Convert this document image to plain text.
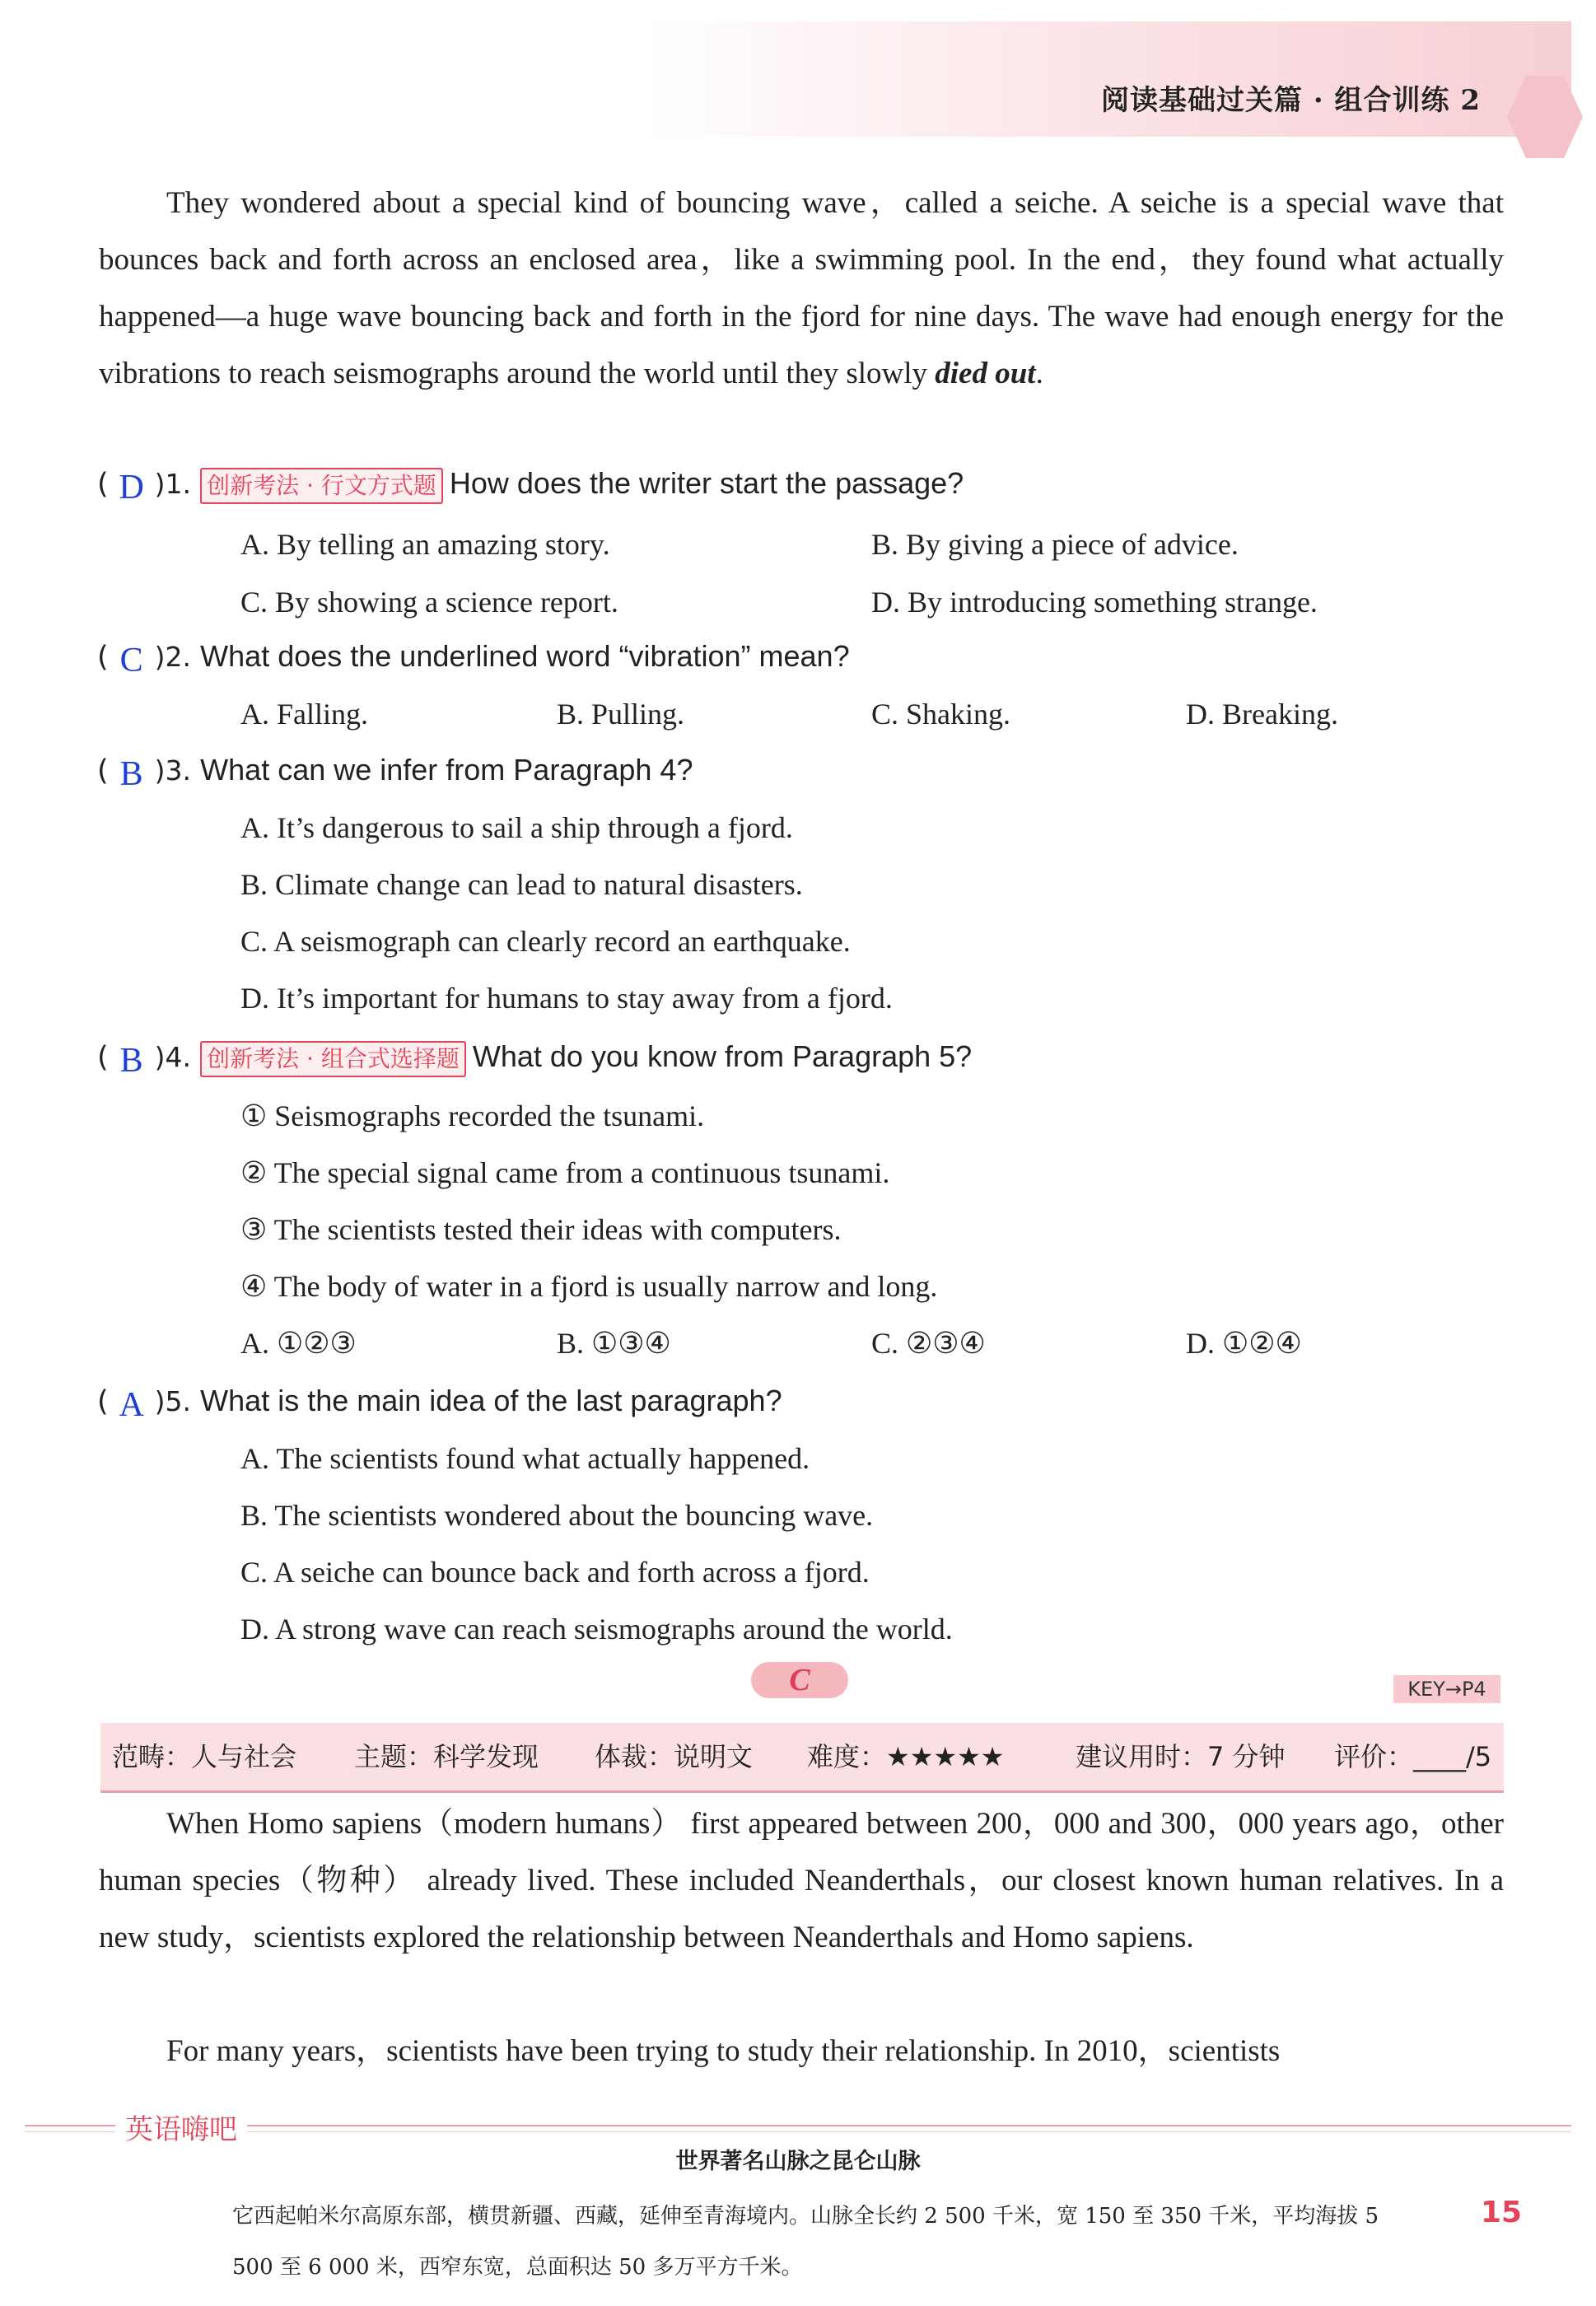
阅读基础过关篇 · 组合训练 2
They wondered about a special kind of bouncing wave，called a seiche. A seiche is a special wave that bounces back and forth across an enclosed area，like a swimming pool. In the end，they found what actually happened—a huge wave bouncing back and forth in the fjord for nine days. The wave had enough energy for the vibrations to reach seismographs around the world until they slowly died out.
( D )1. 创新考法 · 行文方式题 How does the writer start the passage?
A. By telling an amazing story.	B. By giving a piece of advice.
C. By showing a science report.	D. By introducing something strange.
( C )2. What does the underlined word “vibration” mean?
A. Falling.	B. Pulling.	C. Shaking.	D. Breaking.
( B )3. What can we infer from Paragraph 4?
A. It’s dangerous to sail a ship through a fjord.
B. Climate change can lead to natural disasters.
C. A seismograph can clearly record an earthquake.
D. It’s important for humans to stay away from a fjord.
( B )4. 创新考法 · 组合式选择题 What do you know from Paragraph 5?
① Seismographs recorded the tsunami.
② The special signal came from a continuous tsunami.
③ The scientists tested their ideas with computers.
④ The body of water in a fjord is usually narrow and long.
A. ①②③	B. ①③④	C. ②③④	D. ①②④
( A )5. What is the main idea of the last paragraph?
A. The scientists found what actually happened.
B. The scientists wondered about the bouncing wave.
C. A seiche can bounce back and forth across a fjord.
D. A strong wave can reach seismographs around the world.
C	KEY→P4
范畴：人与社会 主题：科学发现 体裁：说明文 难度：★★★★★	建议用时：7 分钟 评价：____/5
When Homo sapiens（modern humans） first appeared between 200，000 and 300，000 years ago，other human species（物种） already lived. These included Neanderthals，our closest known human relatives. In a new study，scientists explored the relationship between Neanderthals and Homo sapiens.
For many years，scientists have been trying to study their relationship. In 2010，scientists
英语嗨吧
世界著名山脉之昆仑山脉
它西起帕米尔高原东部，横贯新疆、西藏，延伸至青海境内。山脉全长约 2 500 千米，宽 150 至 350 千米，平均海拔 5 500 至 6 000 米，西窄东宽，总面积达 50 多万平方千米。
15
